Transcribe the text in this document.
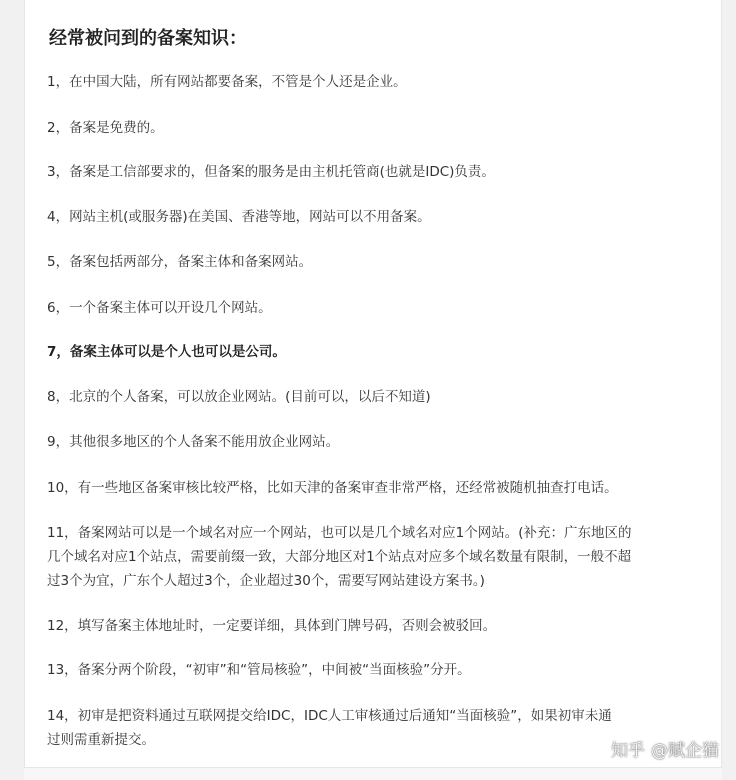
经常被问到的备案知识：
1，在中国大陆，所有网站都要备案，不管是个人还是企业。
2，备案是免费的。
3，备案是工信部要求的，但备案的服务是由主机托管商(也就是IDC)负责。
4，网站主机(或服务器)在美国、香港等地，网站可以不用备案。
5，备案包括两部分，备案主体和备案网站。
6，一个备案主体可以开设几个网站。
7，备案主体可以是个人也可以是公司。
8，北京的个人备案，可以放企业网站。(目前可以，以后不知道)
9，其他很多地区的个人备案不能用放企业网站。
10，有一些地区备案审核比较严格，比如天津的备案审查非常严格，还经常被随机抽查打电话。
11，备案网站可以是一个域名对应一个网站，也可以是几个域名对应1个网站。(补充：广东地区的
几个域名对应1个站点，需要前缀一致，大部分地区对1个站点对应多个域名数量有限制，一般不超
过3个为宜，广东个人超过3个，企业超过30个，需要写网站建设方案书。)
12，填写备案主体地址时，一定要详细，具体到门牌号码，否则会被驳回。
13，备案分两个阶段，“初审”和“管局核验”，中间被“当面核验”分开。
14，初审是把资料通过互联网提交给IDC，IDC人工审核通过后通知“当面核验”，如果初审未通
过则需重新提交。
知乎 @赋企猫
